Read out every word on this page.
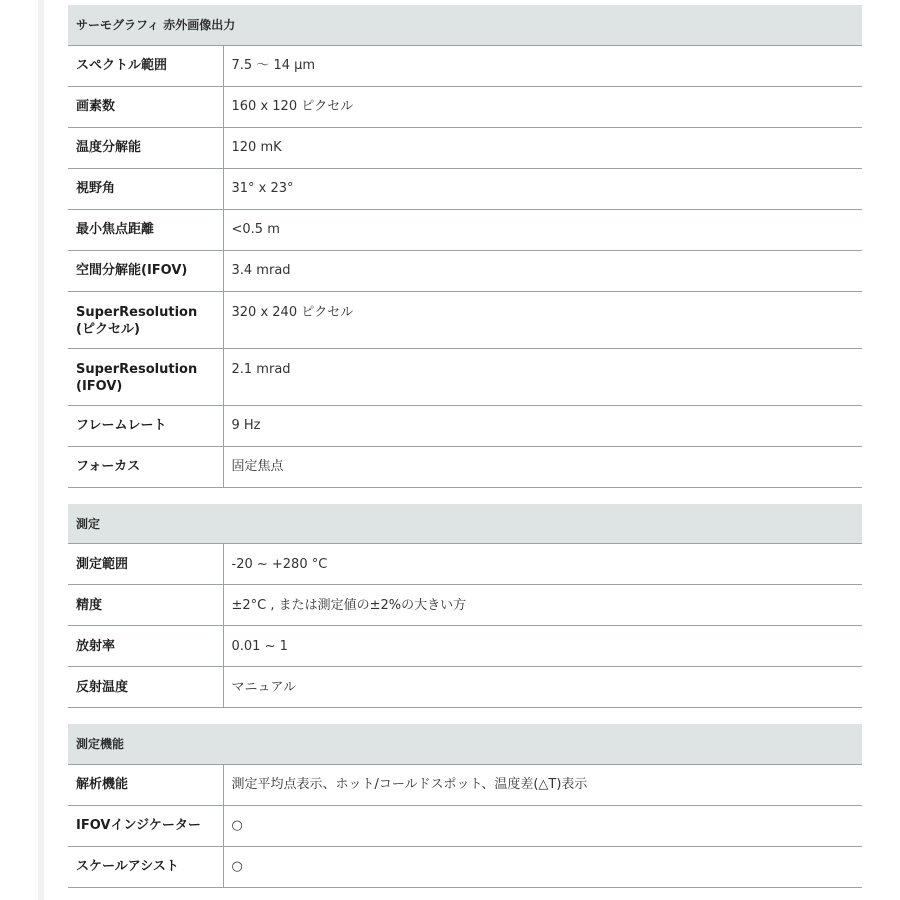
サーモグラフィ 赤外画像出力	
スペクトル範囲	7.5 ～ 14 μm
画素数	160 x 120 ピクセル
温度分解能	120 mK
視野角	31° x 23°
最小焦点距離	<0.5 m
空間分解能(IFOV)	3.4 mrad
SuperResolution (ピクセル)	320 x 240 ピクセル
SuperResolution (IFOV)	2.1 mrad
フレームレート	9 Hz
フォーカス	固定焦点
測定	
測定範囲	-20 ~ +280 °C
精度	±2°C , または測定値の±2%の大きい方
放射率	0.01 ~ 1
反射温度	マニュアル
測定機能	
解析機能	測定平均点表示、ホット/コールドスポット、温度差(△T)表示
IFOVインジケーター	○
スケールアシスト	○
